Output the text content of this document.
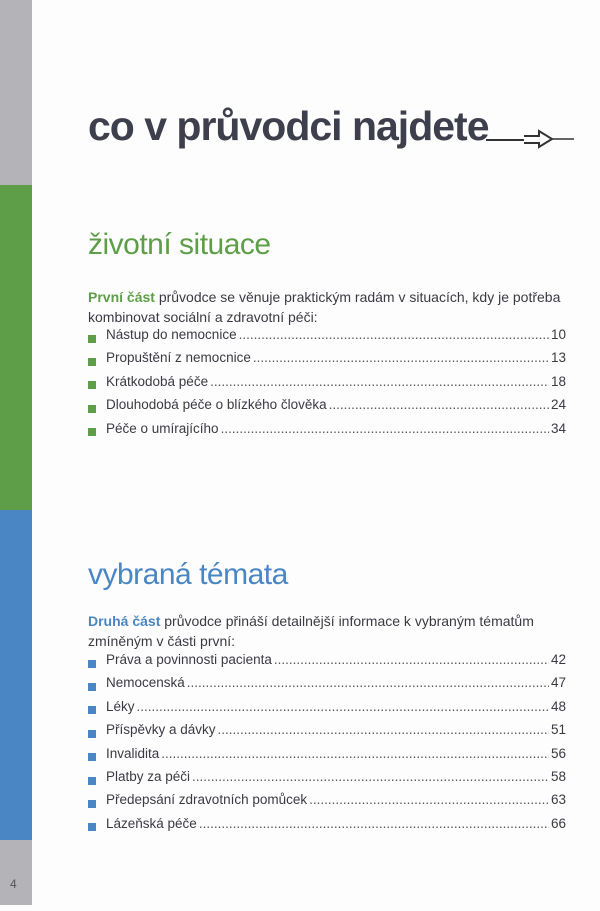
co v průvodci najdete
životní situace
První část průvodce se věnuje praktickým radám v situacích, kdy je potřeba kombinovat sociální a zdravotní péči:
Nástup do nemocnice .....	10
Propuštění z nemocnice .....	13
Krátkodobá péče .....	18
Dlouhodobá péče o blízkého člověka .....	24
Péče o umírajícího .....	34
vybraná témata
Druhá část průvodce přináší detailnější informace k vybraným tématům zmíněným v části první:
Práva a povinnosti pacienta .....	42
Nemocenská .....	47
Léky .....	48
Příspěvky a dávky .....	51
Invalidita .....	56
Platby za péči .....	58
Předepsání zdravotních pomůcek .....	63
Lázeňská péče .....	66
4
